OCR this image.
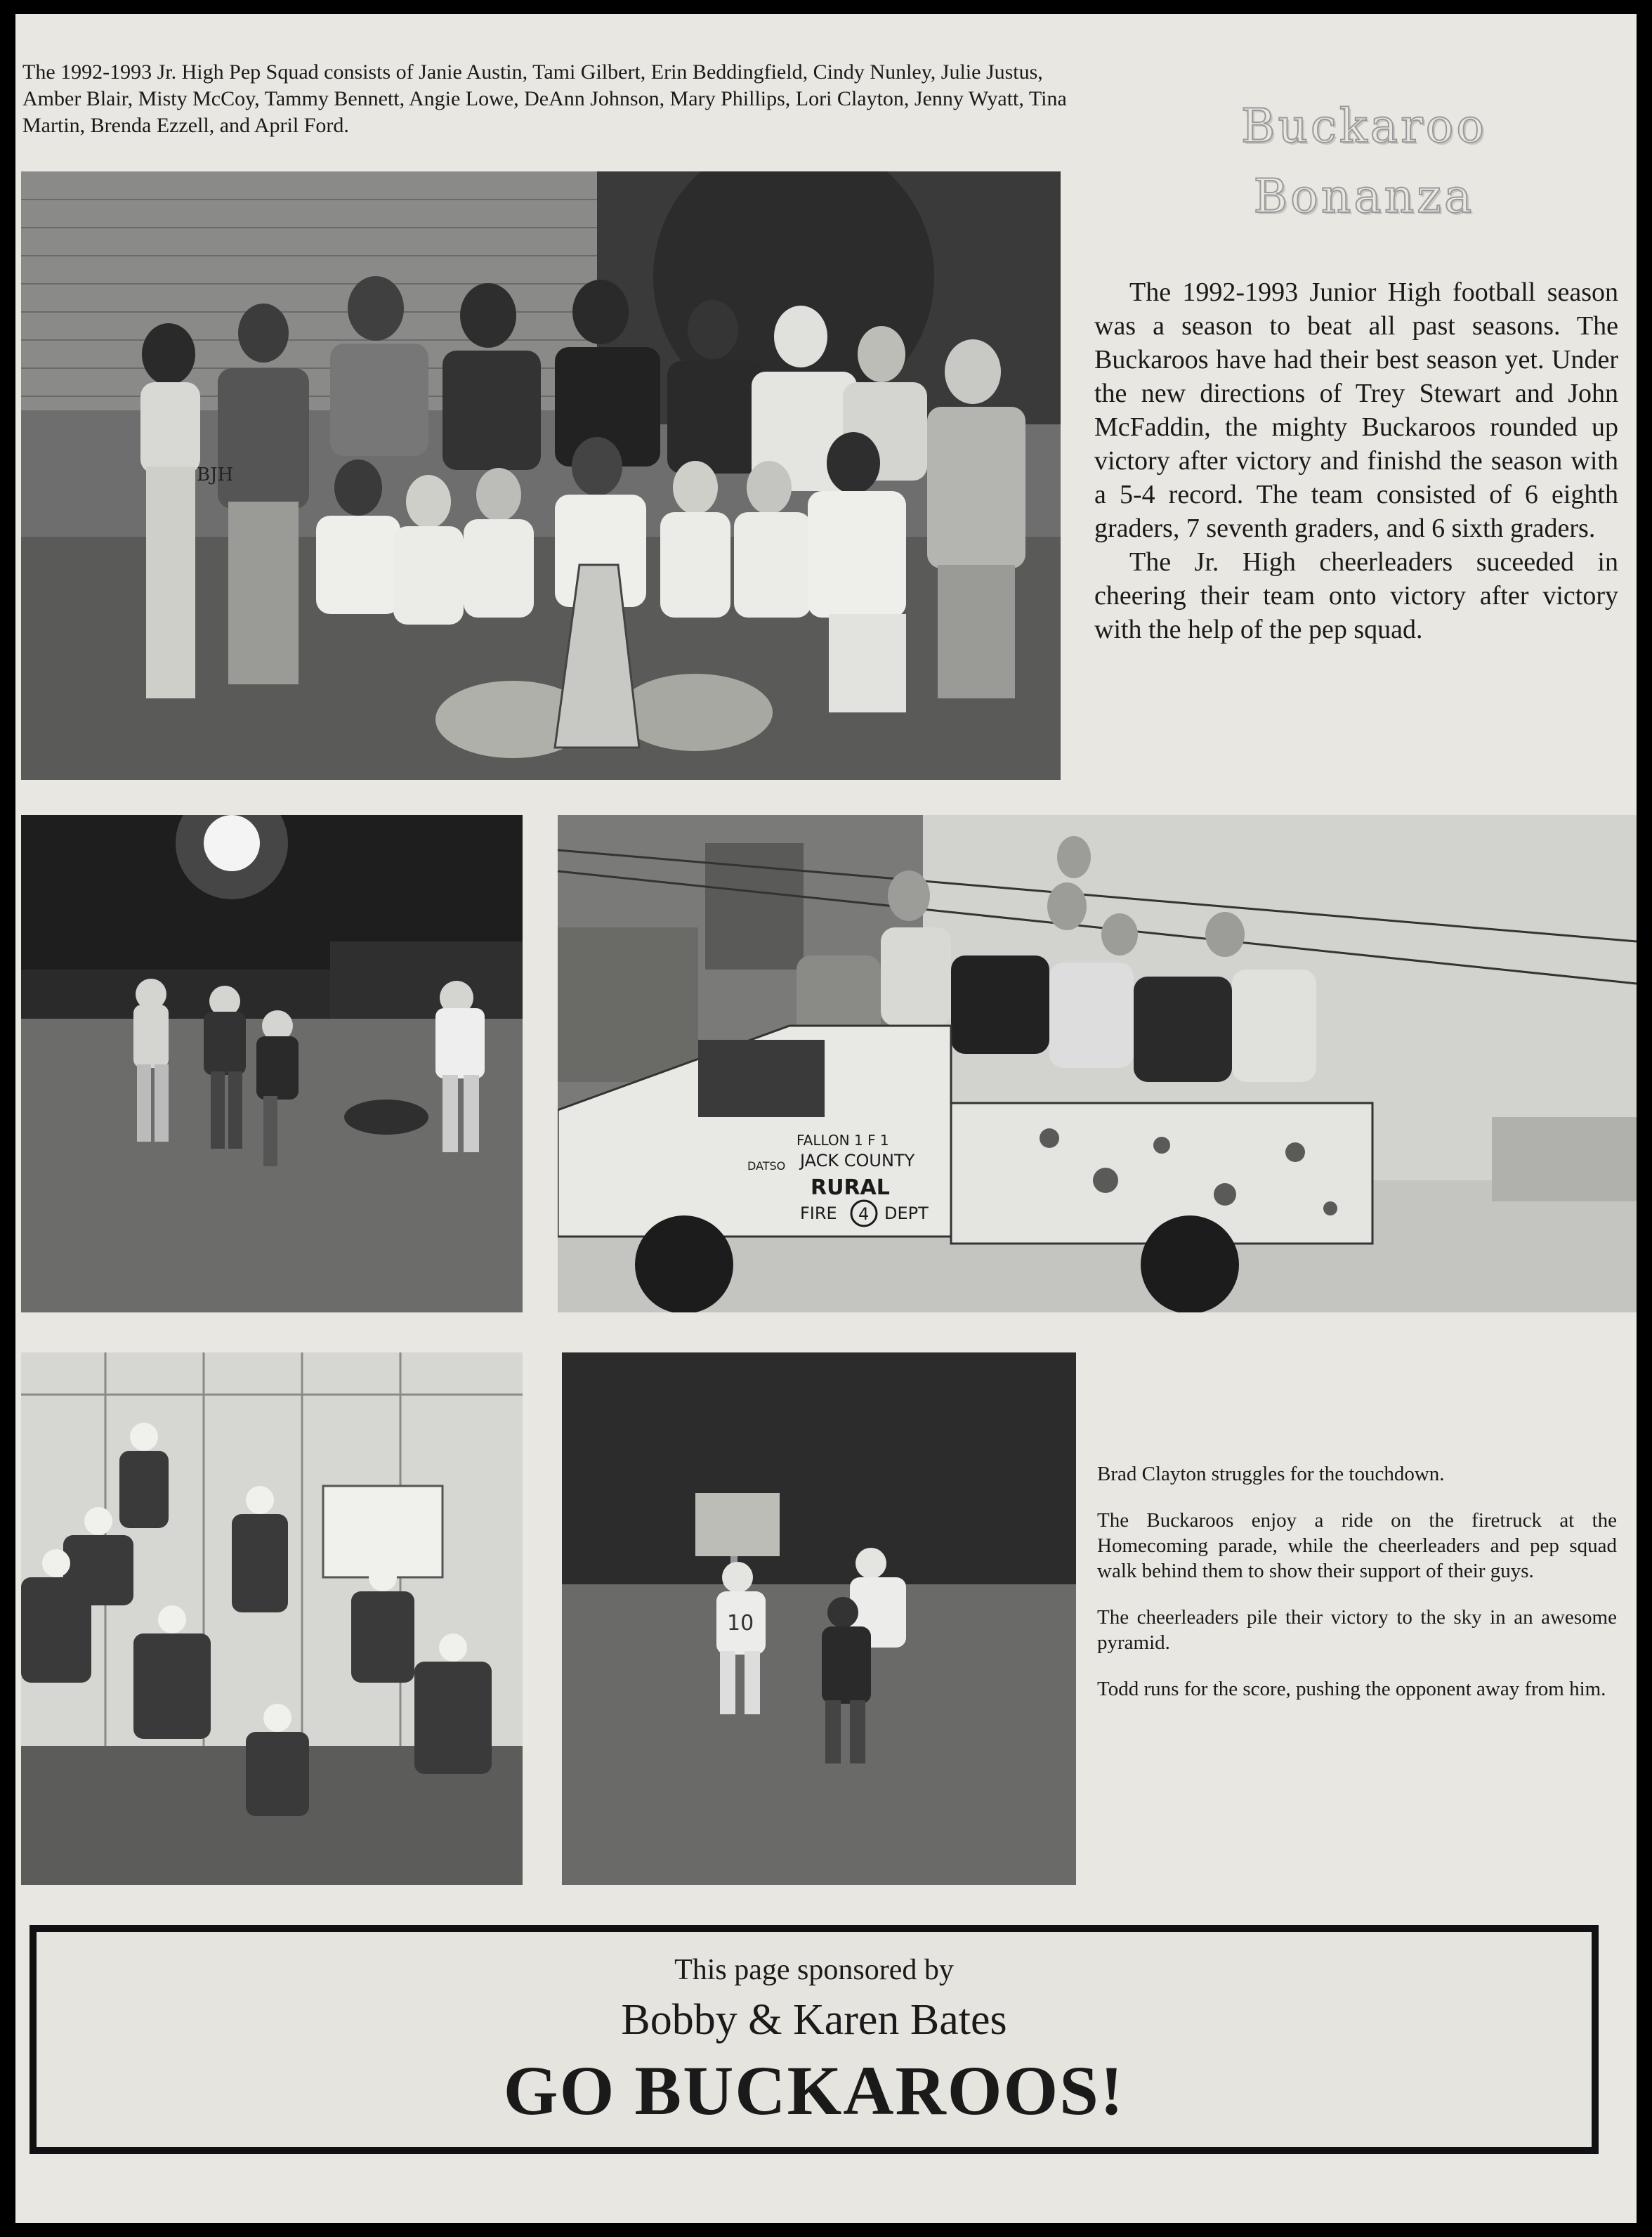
The 1992-1993 Jr. High Pep Squad consists of Janie Austin, Tami Gilbert, Erin Beddingfield, Cindy Nunley, Julie Justus, Amber Blair, Misty McCoy, Tammy Bennett, Angie Lowe, DeAnn Johnson, Mary Phillips, Lori Clayton, Jenny Wyatt, Tina Martin, Brenda Ezzell, and April Ford.	Buckaroo
Bonanza

The 1992-1993 Junior High football season was a season to beat all past seasons. The Buckaroos have had their best season yet. Under the new directions of Trey Stewart and John McFaddin, the mighty Buckaroos rounded up victory after victory and finishd the season with a 5-4 record. The team consisted of 6 eighth graders, 7 seventh graders, and 6 sixth graders.

The Jr. High cheerleaders suceeded in cheering their team onto victory after victory with the help of the pep squad.

BJH
FALLON 1 F 1
JACK COUNTY
RURAL
FIRE 4 DEPT
DATSO
10

Brad Clayton struggles for the touchdown.

The Buckaroos enjoy a ride on the firetruck at the Homecoming parade, while the cheerleaders and pep squad walk behind them to show their support of their guys.

The cheerleaders pile their victory to the sky in an awesome pyramid.

Todd runs for the score, pushing the opponent away from him.

This page sponsored by
Bobby & Karen Bates
GO BUCKAROOS!
